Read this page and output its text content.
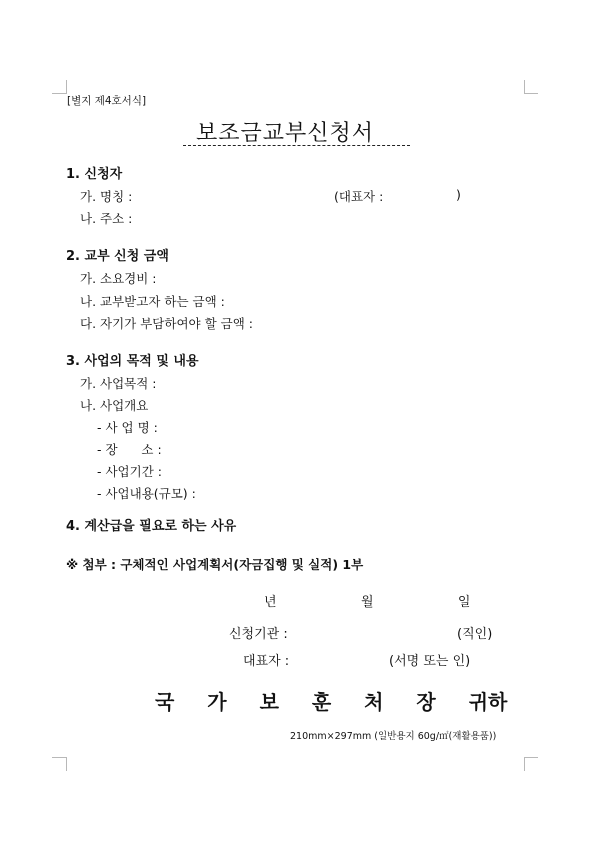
[별지 제4호서식]
보조금교부신청서
1. 신청자
가. 명칭 :	(대표자 :	)
나. 주소 :
2. 교부 신청 금액
가. 소요경비 :
나. 교부받고자 하는 금액 :
다. 자기가 부담하여야 할 금액 :
3. 사업의 목적 및 내용
가. 사업목적 :
나. 사업개요
- 사 업 명 :
- 장      소 :
- 사업기간 :
- 사업내용(규모) :
4. 계산급을 필요로 하는 사유
※ 첨부 : 구체적인 사업계획서(자금집행 및 실적) 1부
년   월   일
신청기관 :	(직인)
대표자 :	(서명 또는 인)
국 가 보 훈 처 장 귀하
210mm×297mm (일반용지 60g/㎡(재활용품))
